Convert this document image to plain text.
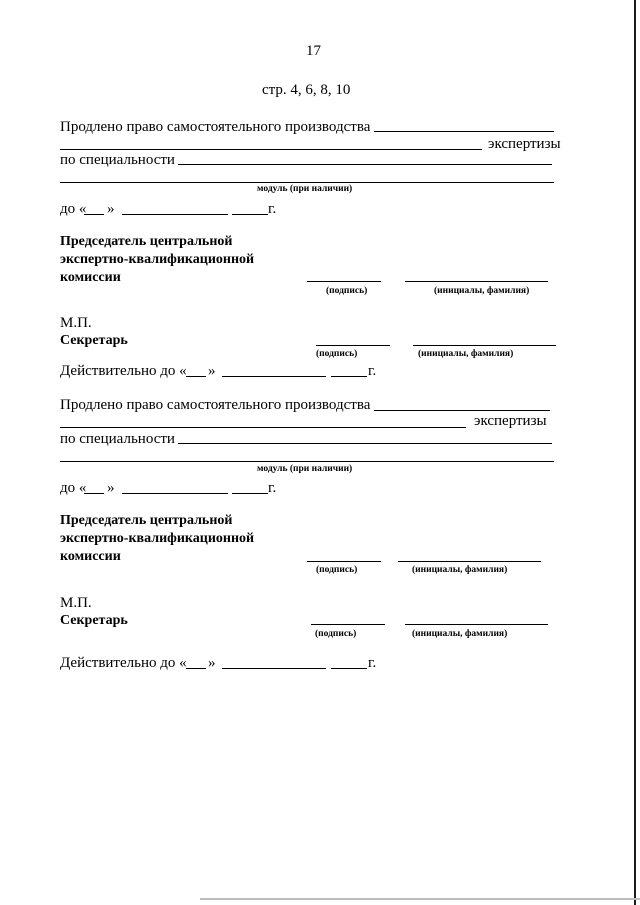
17
стр. 4, 6, 8, 10
Продлено право самостоятельного производства
экспертизы
по специальности
модуль (при наличии)
до « »	г.
Председатель центральной
экспертно-квалификационной
комиссии
(подпись)	(инициалы, фамилия)
М.П.
Секретарь
(подпись)	(инициалы, фамилия)
Действительно до « »	г.
Продлено право самостоятельного производства
экспертизы
по специальности
модуль (при наличии)
до « »	г.
Председатель центральной
экспертно-квалификационной
комиссии
(подпись)	(инициалы, фамилия)
М.П.
Секретарь
(подпись)	(инициалы, фамилия)
Действительно до « »	г.
